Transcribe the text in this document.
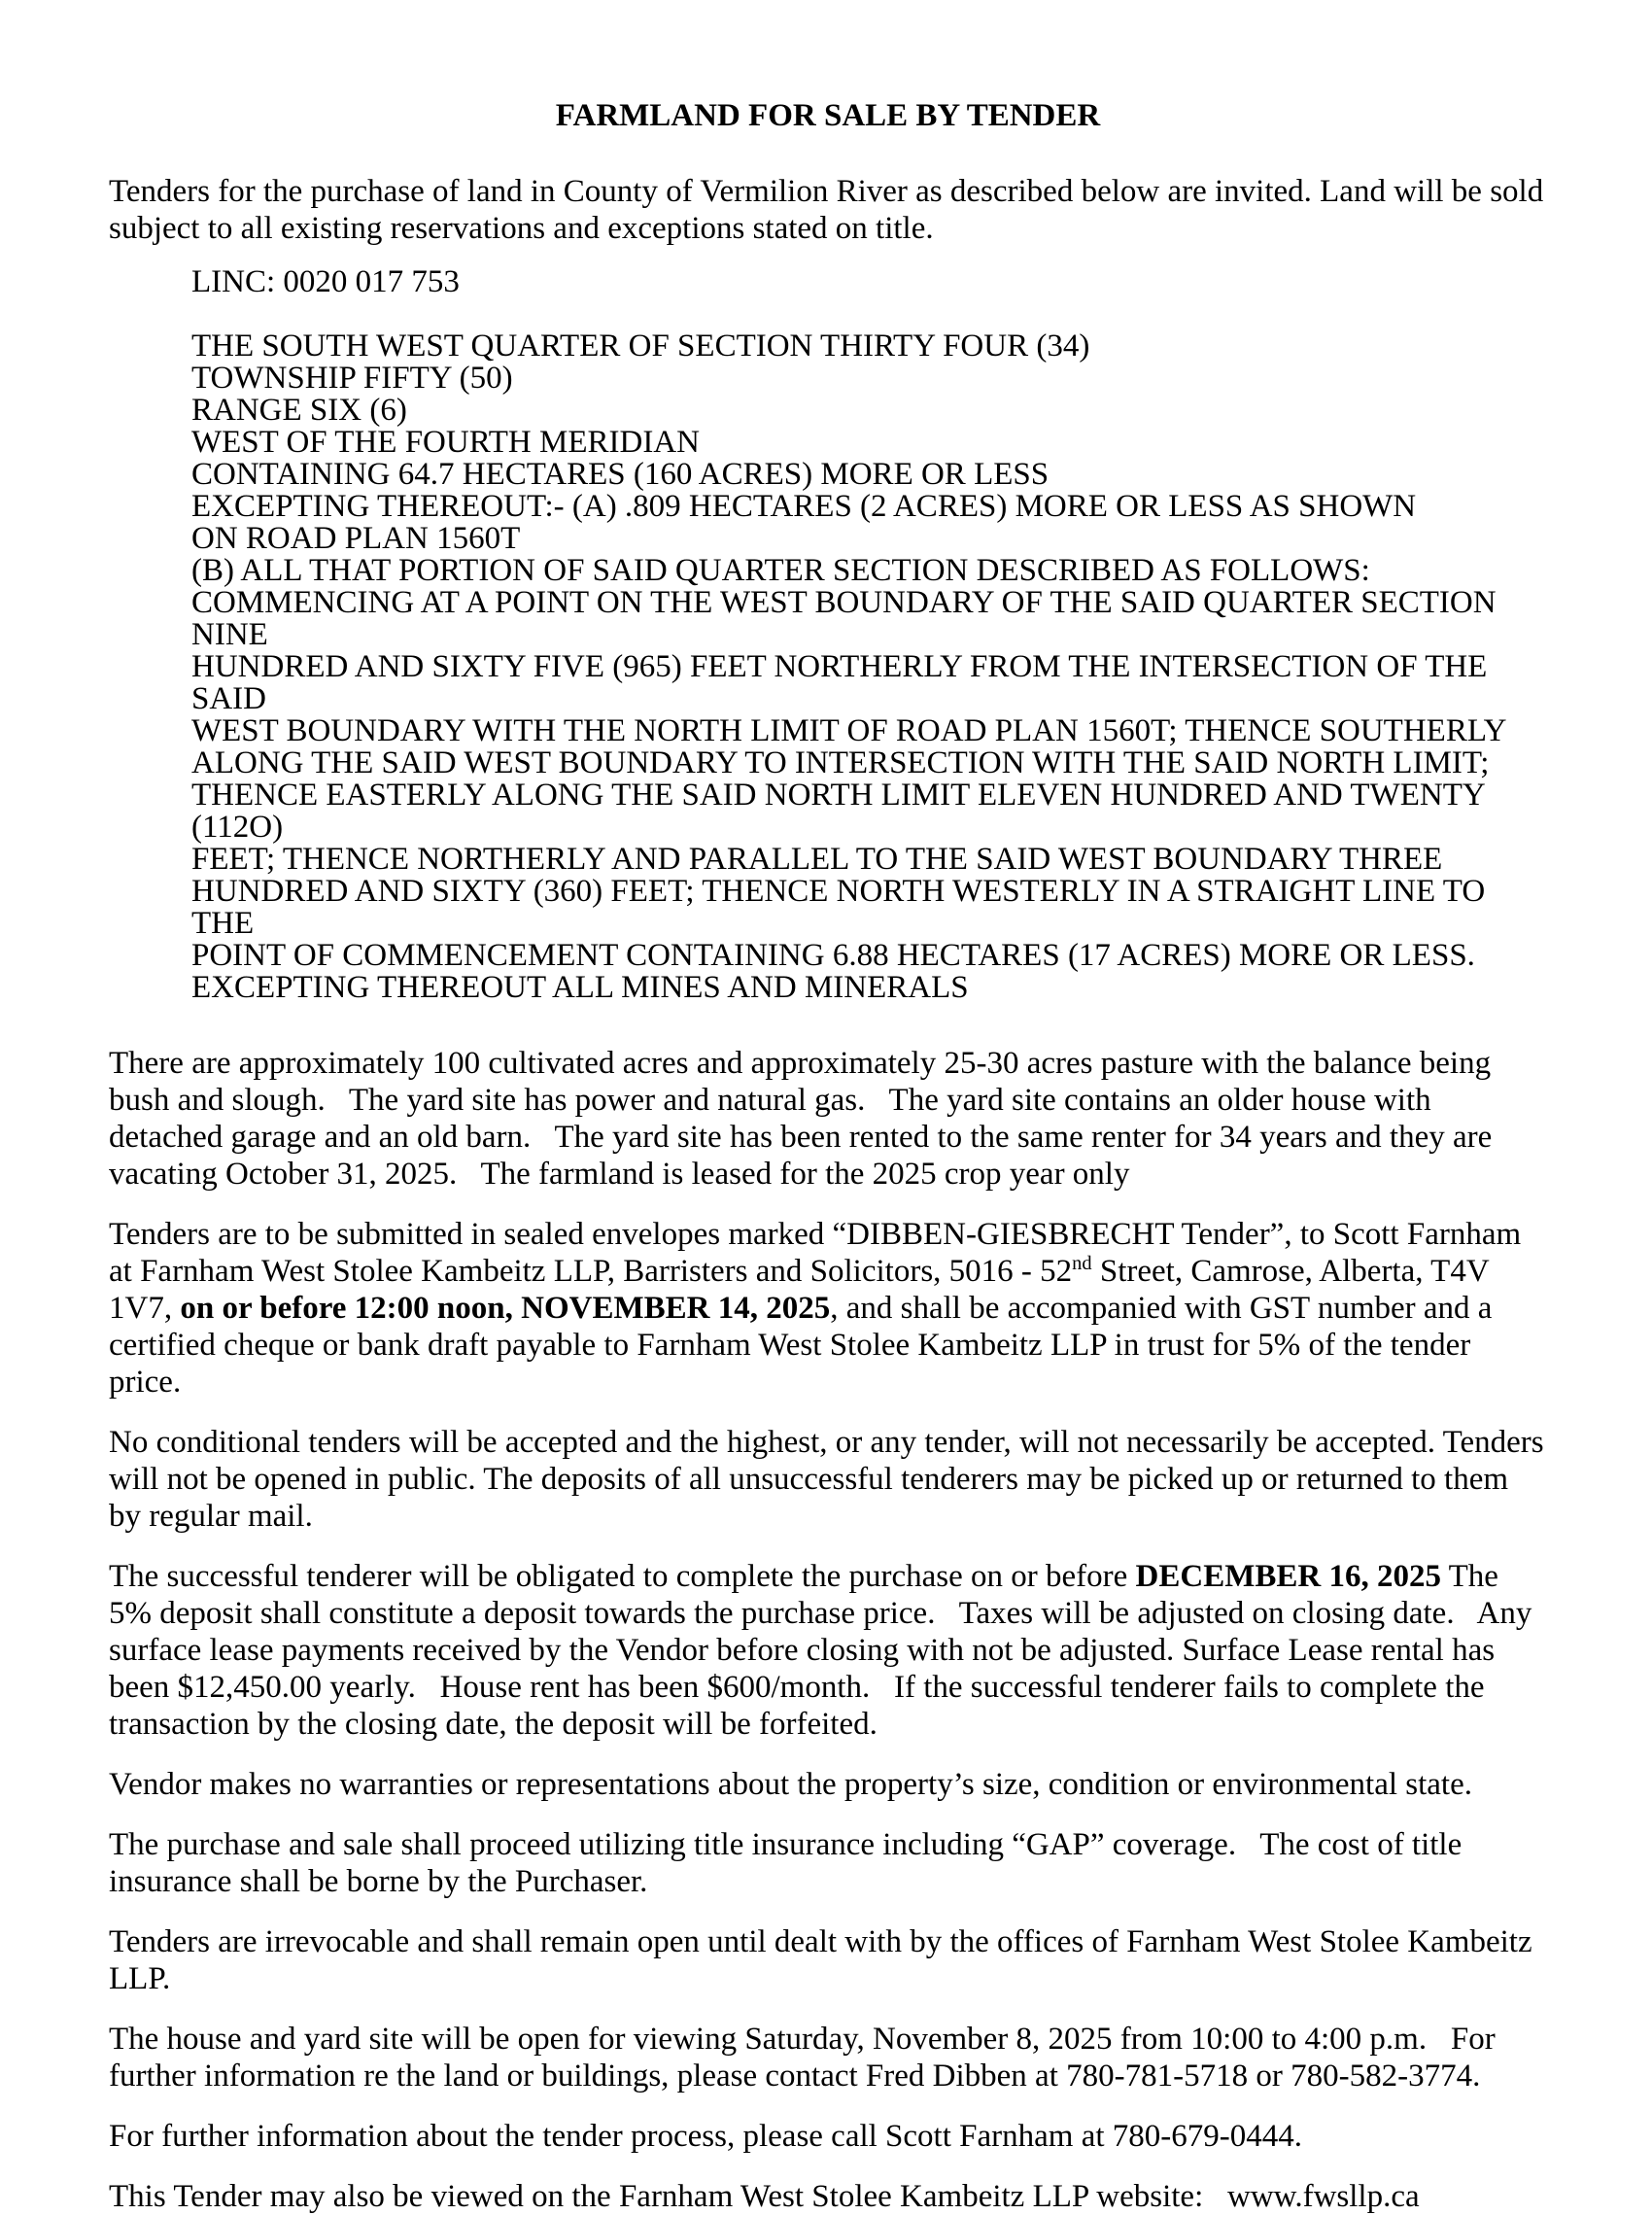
FARMLAND FOR SALE BY TENDER

Tenders for the purchase of land in County of Vermilion River as described below are invited. Land will be sold subject to all existing reservations and exceptions stated on title.

LINC: 0020 017 753
THE SOUTH WEST QUARTER OF SECTION THIRTY FOUR (34)
TOWNSHIP FIFTY (50)
RANGE SIX (6)
WEST OF THE FOURTH MERIDIAN
CONTAINING 64.7 HECTARES (160 ACRES) MORE OR LESS
EXCEPTING THEREOUT:- (A) .809 HECTARES (2 ACRES) MORE OR LESS AS SHOWN
ON ROAD PLAN 1560T
(B) ALL THAT PORTION OF SAID QUARTER SECTION DESCRIBED AS FOLLOWS:
COMMENCING AT A POINT ON THE WEST BOUNDARY OF THE SAID QUARTER SECTION NINE
HUNDRED AND SIXTY FIVE (965) FEET NORTHERLY FROM THE INTERSECTION OF THE SAID
WEST BOUNDARY WITH THE NORTH LIMIT OF ROAD PLAN 1560T; THENCE SOUTHERLY
ALONG THE SAID WEST BOUNDARY TO INTERSECTION WITH THE SAID NORTH LIMIT;
THENCE EASTERLY ALONG THE SAID NORTH LIMIT ELEVEN HUNDRED AND TWENTY (112O)
FEET; THENCE NORTHERLY AND PARALLEL TO THE SAID WEST BOUNDARY THREE
HUNDRED AND SIXTY (360) FEET; THENCE NORTH WESTERLY IN A STRAIGHT LINE TO THE
POINT OF COMMENCEMENT CONTAINING 6.88 HECTARES (17 ACRES) MORE OR LESS.
EXCEPTING THEREOUT ALL MINES AND MINERALS

There are approximately 100 cultivated acres and approximately 25-30 acres pasture with the balance being bush and slough.   The yard site has power and natural gas.   The yard site contains an older house with detached garage and an old barn.   The yard site has been rented to the same renter for 34 years and they are vacating October 31, 2025.   The farmland is leased for the 2025 crop year only

Tenders are to be submitted in sealed envelopes marked “DIBBEN-GIESBRECHT Tender”, to Scott Farnham at Farnham West Stolee Kambeitz LLP, Barristers and Solicitors, 5016 - 52nd Street, Camrose, Alberta, T4V 1V7, on or before 12:00 noon, NOVEMBER 14, 2025, and shall be accompanied with GST number and a certified cheque or bank draft payable to Farnham West Stolee Kambeitz LLP in trust for 5% of the tender price.

No conditional tenders will be accepted and the highest, or any tender, will not necessarily be accepted. Tenders will not be opened in public. The deposits of all unsuccessful tenderers may be picked up or returned to them by regular mail.

The successful tenderer will be obligated to complete the purchase on or before DECEMBER 16, 2025 The 5% deposit shall constitute a deposit towards the purchase price.   Taxes will be adjusted on closing date.   Any surface lease payments received by the Vendor before closing with not be adjusted. Surface Lease rental has been $12,450.00 yearly.   House rent has been $600/month.   If the successful tenderer fails to complete the transaction by the closing date, the deposit will be forfeited.

Vendor makes no warranties or representations about the property’s size, condition or environmental state.

The purchase and sale shall proceed utilizing title insurance including “GAP” coverage.   The cost of title insurance shall be borne by the Purchaser.

Tenders are irrevocable and shall remain open until dealt with by the offices of Farnham West Stolee Kambeitz LLP.

The house and yard site will be open for viewing Saturday, November 8, 2025 from 10:00 to 4:00 p.m.   For further information re the land or buildings, please contact Fred Dibben at 780-781-5718 or 780-582-3774.

For further information about the tender process, please call Scott Farnham at 780-679-0444.

This Tender may also be viewed on the Farnham West Stolee Kambeitz LLP website:   www.fwsllp.ca
